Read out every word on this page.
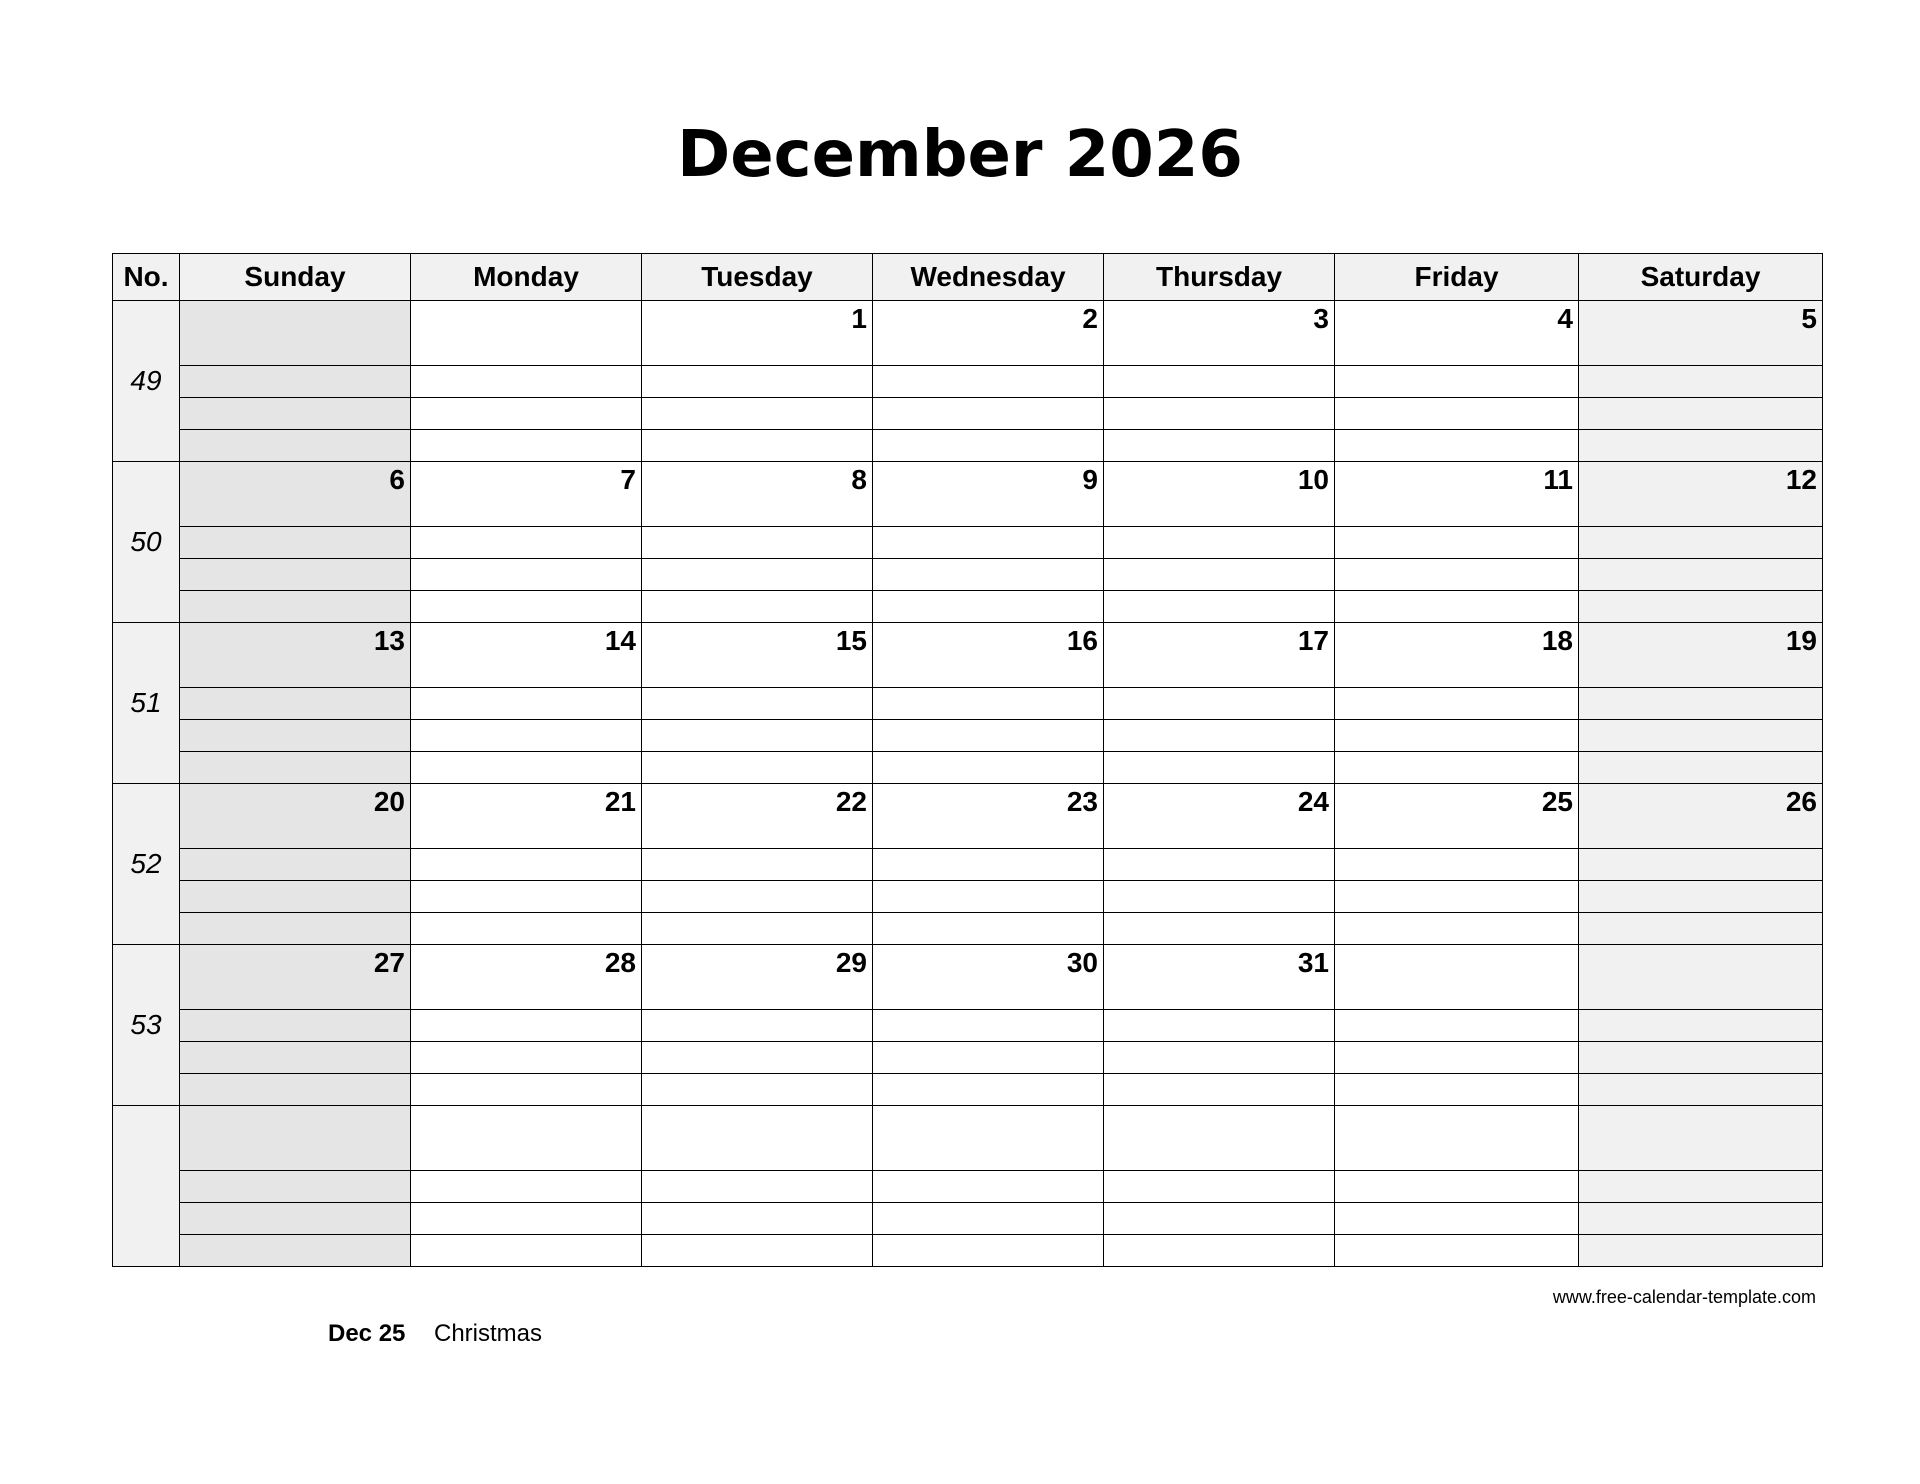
December 2026
No.	Sunday	Monday	Tuesday	Wednesday	Thursday	Friday	Saturday
49			1	2	3	4	5

50	6	7	8	9	10	11	12

51	13	14	15	16	17	18	19

52	20	21	22	23	24	25	26

53	27	28	29	30	31		

www.free-calendar-template.com
Dec 25 Christmas
